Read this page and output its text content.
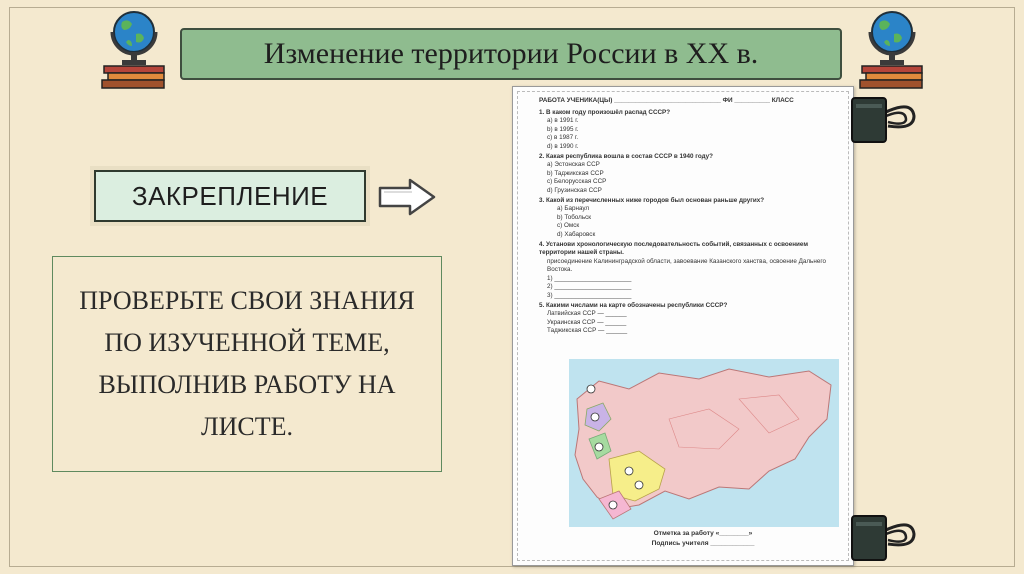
Изменение территории России в XX в.
ЗАКРЕПЛЕНИЕ
ПРОВЕРЬТЕ СВОИ ЗНАНИЯ ПО ИЗУЧЕННОЙ ТЕМЕ, ВЫПОЛНИВ РАБОТУ НА ЛИСТЕ.
РАБОТА УЧЕНИКА(ЦЫ) ______________________________ ФИ __________ КЛАСС
1. В каком году произошёл распад СССР?
а) в 1991 г.
b) в 1995 г.
с) в 1987 г.
d) в 1990 г.
2. Какая республика вошла в состав СССР в 1940 году?
а) Эстонская ССР
b) Таджикская ССР
с) Белорусская ССР
d) Грузинская ССР
3. Какой из перечисленных ниже городов был основан раньше других?
а) Барнаул
b) Тобольск
с) Омск
d) Хабаровск
4. Установи хронологическую последовательность событий, связанных с освоением территории нашей страны.
присоединение Калининградской области, завоевание Казанского ханства, освоение Дальнего Востока.
1) ______________________
2) ______________________
3) ______________________
5. Какими числами на карте обозначены республики СССР?
Латвийская ССР — ______
Украинская ССР — ______
Таджикская ССР — ______
Отметка за работу «________»
Подпись учителя ____________
